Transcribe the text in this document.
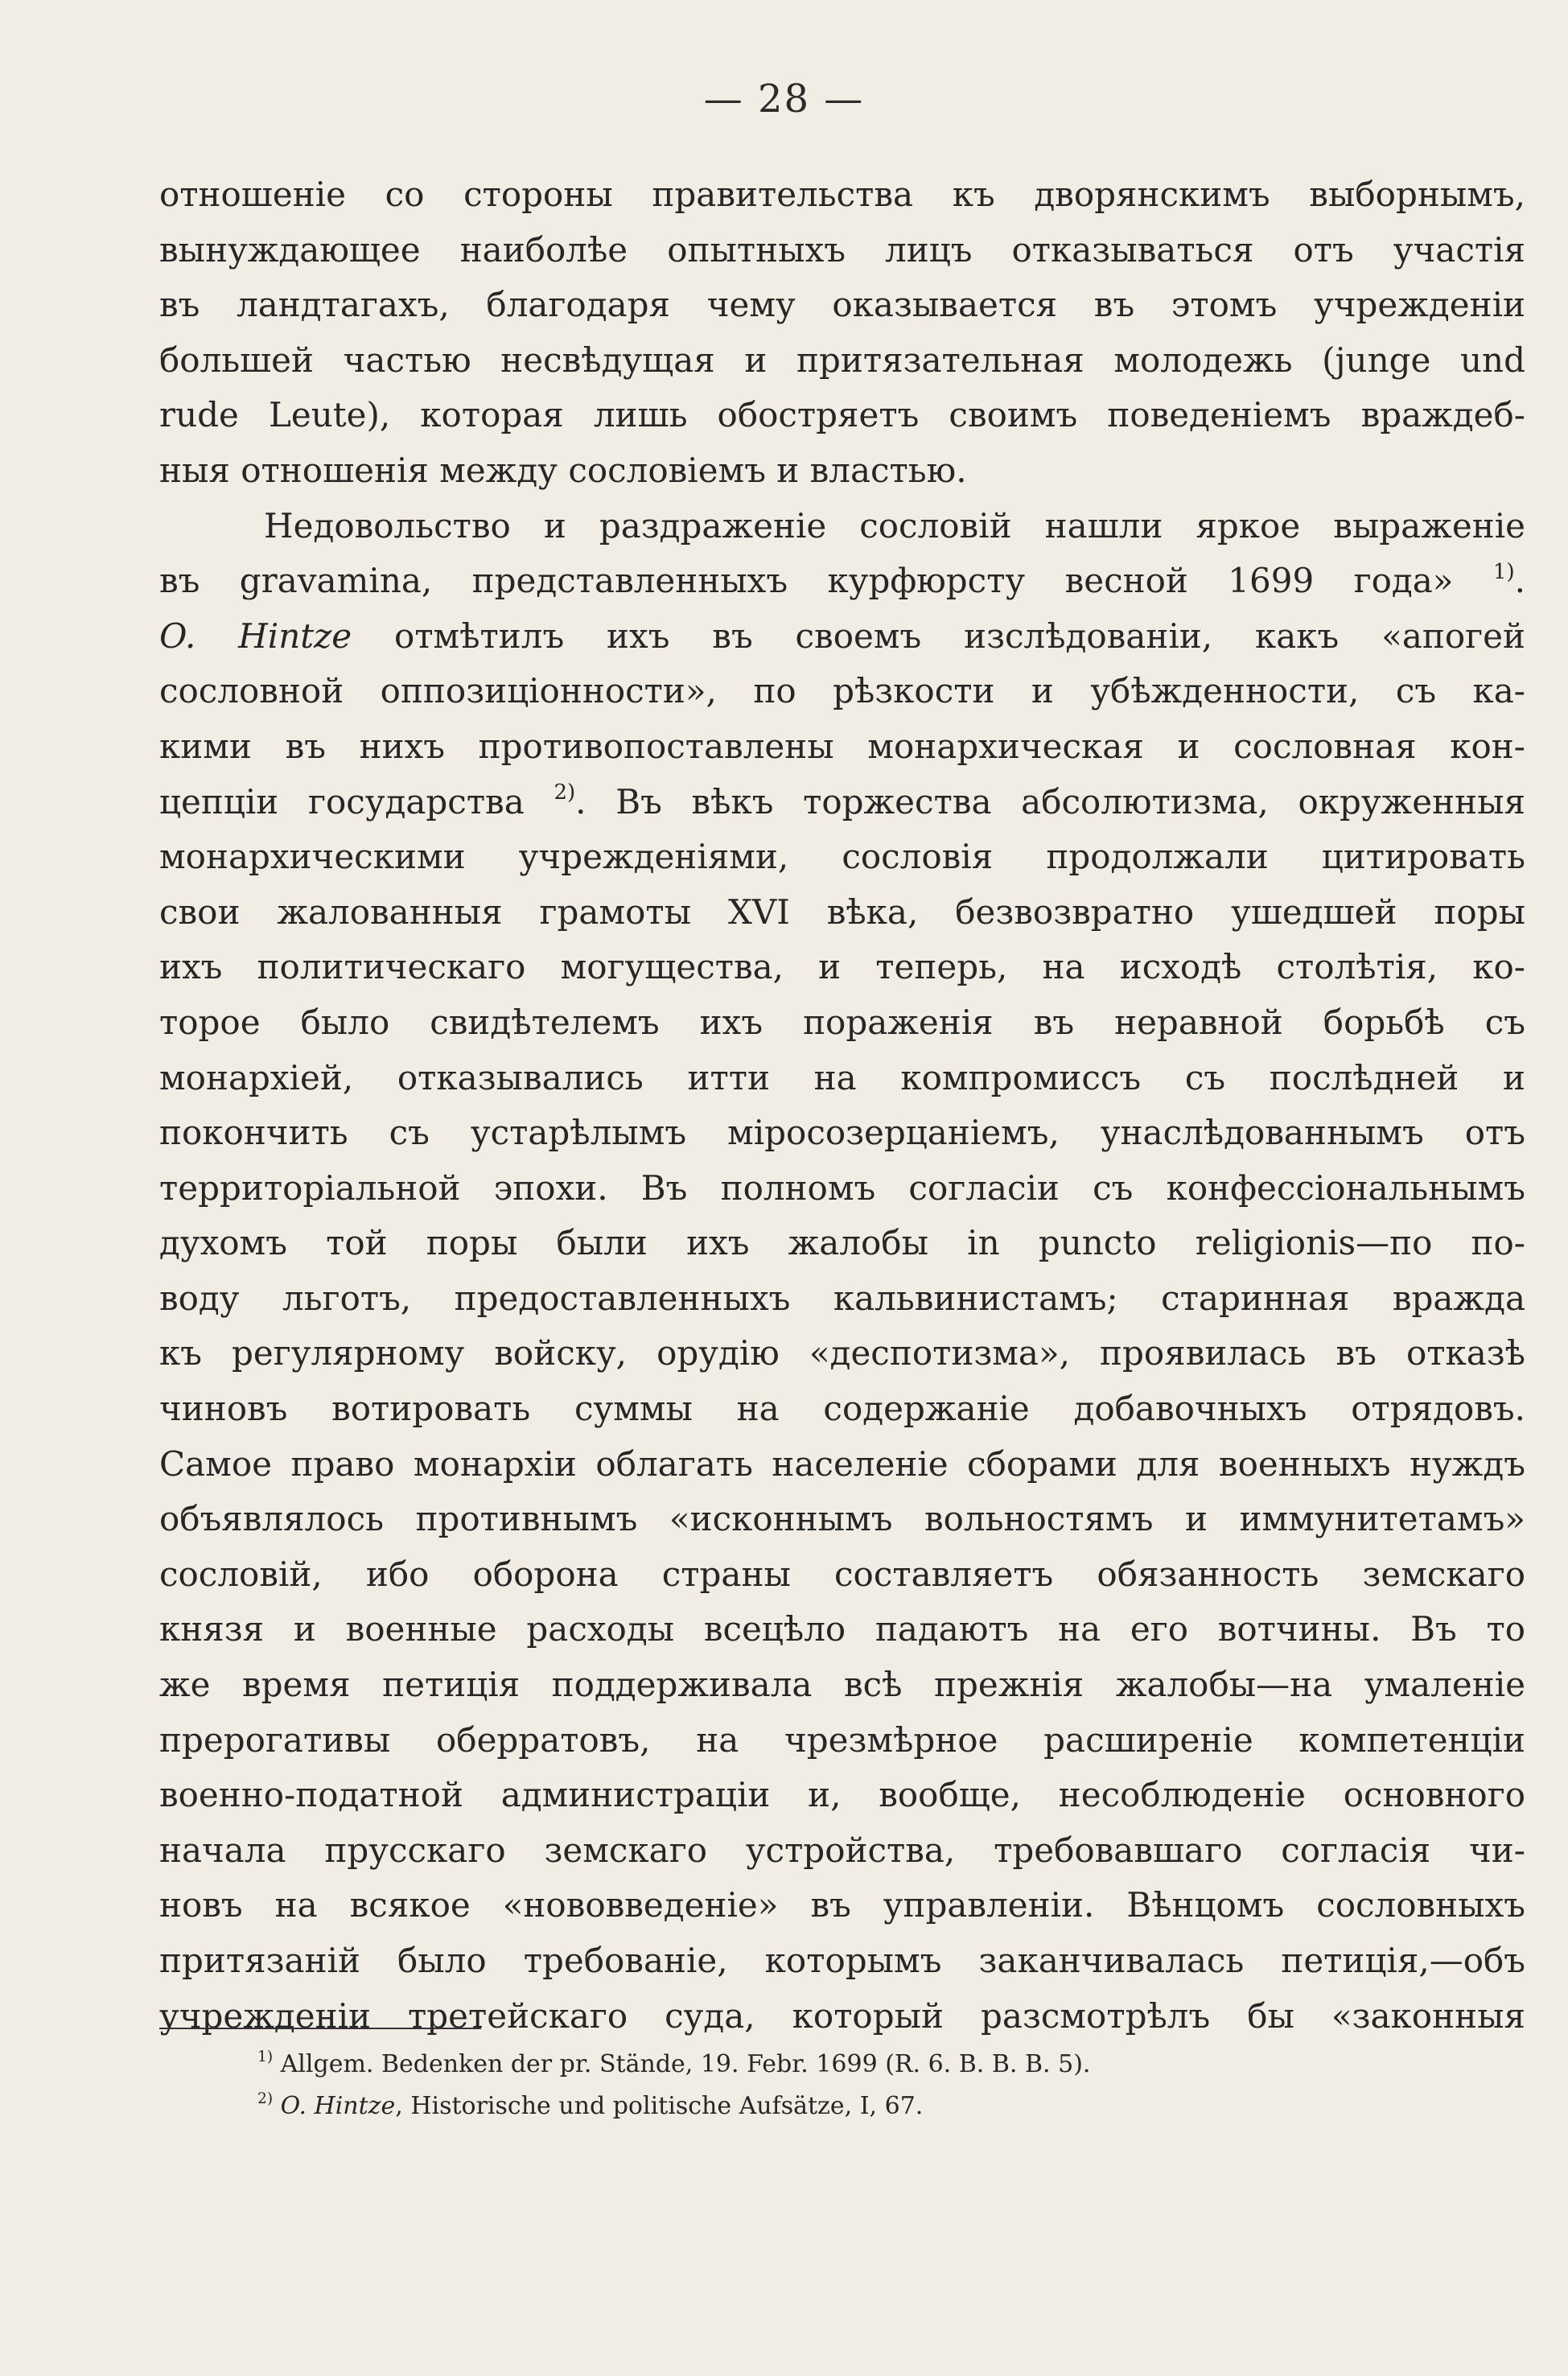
— 28 —
отношеніе со стороны правительства къ дворянскимъ выборнымъ,
вынуждающее наиболѣе опытныхъ лицъ отказываться отъ участія
въ ландтагахъ, благодаря чему оказывается въ этомъ учрежденіи
большей частью несвѣдущая и притязательная молодежь (junge und
rude Leute), которая лишь обостряетъ своимъ поведеніемъ враждеб-
ныя отношенія между сословіемъ и властью.
Недовольство и раздраженіе сословій нашли яркое выраженіе
въ gravamina, представленныхъ курфюрсту весной 1699 года» $^{1)}$.
O. Hintze отмѣтилъ ихъ въ своемъ изслѣдованіи, какъ «апогей
сословной оппозиціонности», по рѣзкости и убѣжденности, съ ка-
кими въ нихъ противопоставлены монархическая и сословная кон-
цепціи государства $^{2)}$. Въ вѣкъ торжества абсолютизма, окруженныя
монархическими учрежденіями, сословія продолжали цитировать
свои жалованныя грамоты XVI вѣка, безвозвратно ушедшей поры
ихъ политическаго могущества, и теперь, на исходѣ столѣтія, ко-
торое было свидѣтелемъ ихъ пораженія въ неравной борьбѣ съ
монархіей, отказывались итти на компромиссъ съ послѣдней и
покончить съ устарѣлымъ міросозерцаніемъ, унаслѣдованнымъ отъ
территоріальной эпохи. Въ полномъ согласіи съ конфессіональнымъ
духомъ той поры были ихъ жалобы in puncto religionis—по по-
воду льготъ, предоставленныхъ кальвинистамъ; старинная вражда
къ регулярному войску, орудію «деспотизма», проявилась въ отказѣ
чиновъ вотировать суммы на содержаніе добавочныхъ отрядовъ.
Самое право монархіи облагать населеніе сборами для военныхъ нуждъ
объявлялось противнымъ «исконнымъ вольностямъ и иммунитетамъ»
сословій, ибо оборона страны составляетъ обязанность земскаго
князя и военные расходы всецѣло падаютъ на его вотчины. Въ то
же время петиція поддерживала всѣ прежнія жалобы—на умаленіе
прерогативы оберратовъ, на чрезмѣрное расширеніе компетенціи
военно-податной администраціи и, вообще, несоблюденіе основного
начала прусскаго земскаго устройства, требовавшаго согласія чи-
новъ на всякое «нововведеніе» въ управленіи. Вѣнцомъ сословныхъ
притязаній было требованіе, которымъ заканчивалась петиція,—объ
учрежденіи третейскаго суда, который разсмотрѣлъ бы «законныя
$^{1)}$ Allgem. Bedenken der pr. Stände, 19. Febr. 1699 (R. 6. B. B. B. 5).
$^{2)}$ O. Hintze, Historische und politische Aufsätze, I, 67.
